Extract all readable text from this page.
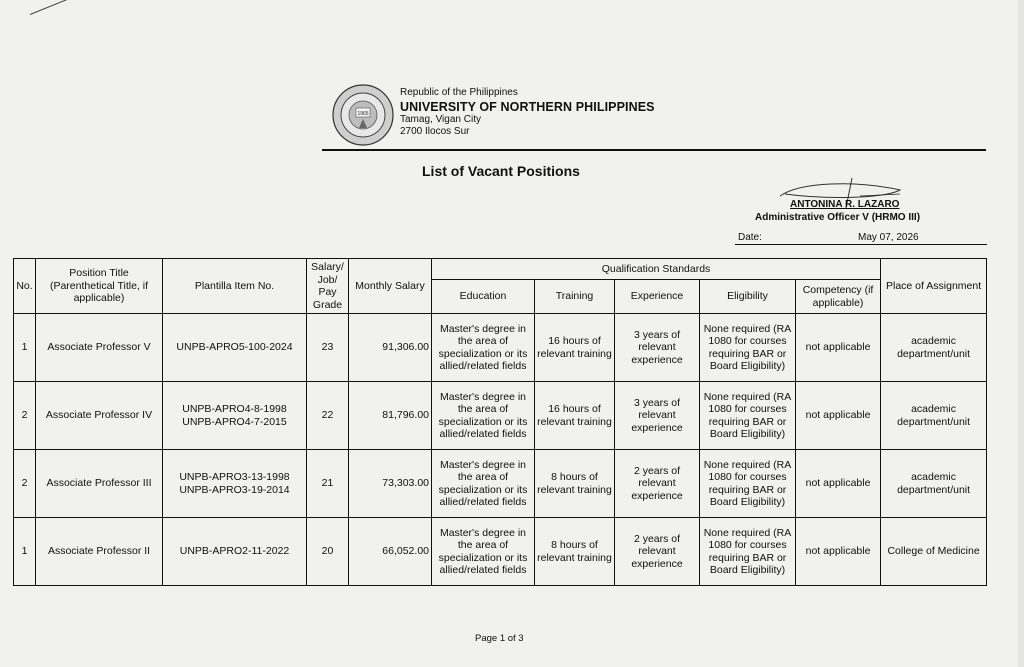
1965
Republic of the Philippines
UNIVERSITY OF NORTHERN PHILIPPINES
Tamag, Vigan City
2700 Ilocos Sur
List of Vacant Positions
ANTONINA R. LAZARO
Administrative Officer V (HRMO III)
Date:	May 07, 2026
No.	Position Title (Parenthetical Title, if applicable)	Plantilla Item No.	Salary/ Job/ Pay Grade	Monthly Salary	Qualification Standards					Place of Assignment
					Education	Training	Experience	Eligibility	Competency (if applicable)	
1	Associate Professor V	UNPB-APRO5-100-2024	23	91,306.00	Master's degree in the area of specialization or its allied/related fields	16 hours of relevant training	3 years of relevant experience	None required (RA 1080 for courses requiring BAR or Board Eligibility)	not applicable	academic department/unit
2	Associate Professor IV	UNPB-APRO4-8-1998 UNPB-APRO4-7-2015	22	81,796.00	Master's degree in the area of specialization or its allied/related fields	16 hours of relevant training	3 years of relevant experience	None required (RA 1080 for courses requiring BAR or Board Eligibility)	not applicable	academic department/unit
2	Associate Professor III	UNPB-APRO3-13-1998 UNPB-APRO3-19-2014	21	73,303.00	Master's degree in the area of specialization or its allied/related fields	8 hours of relevant training	2 years of relevant experience	None required (RA 1080 for courses requiring BAR or Board Eligibility)	not applicable	academic department/unit
1	Associate Professor II	UNPB-APRO2-11-2022	20	66,052.00	Master's degree in the area of specialization or its allied/related fields	8 hours of relevant training	2 years of relevant experience	None required (RA 1080 for courses requiring BAR or Board Eligibility)	not applicable	College of Medicine
Page 1 of 3
